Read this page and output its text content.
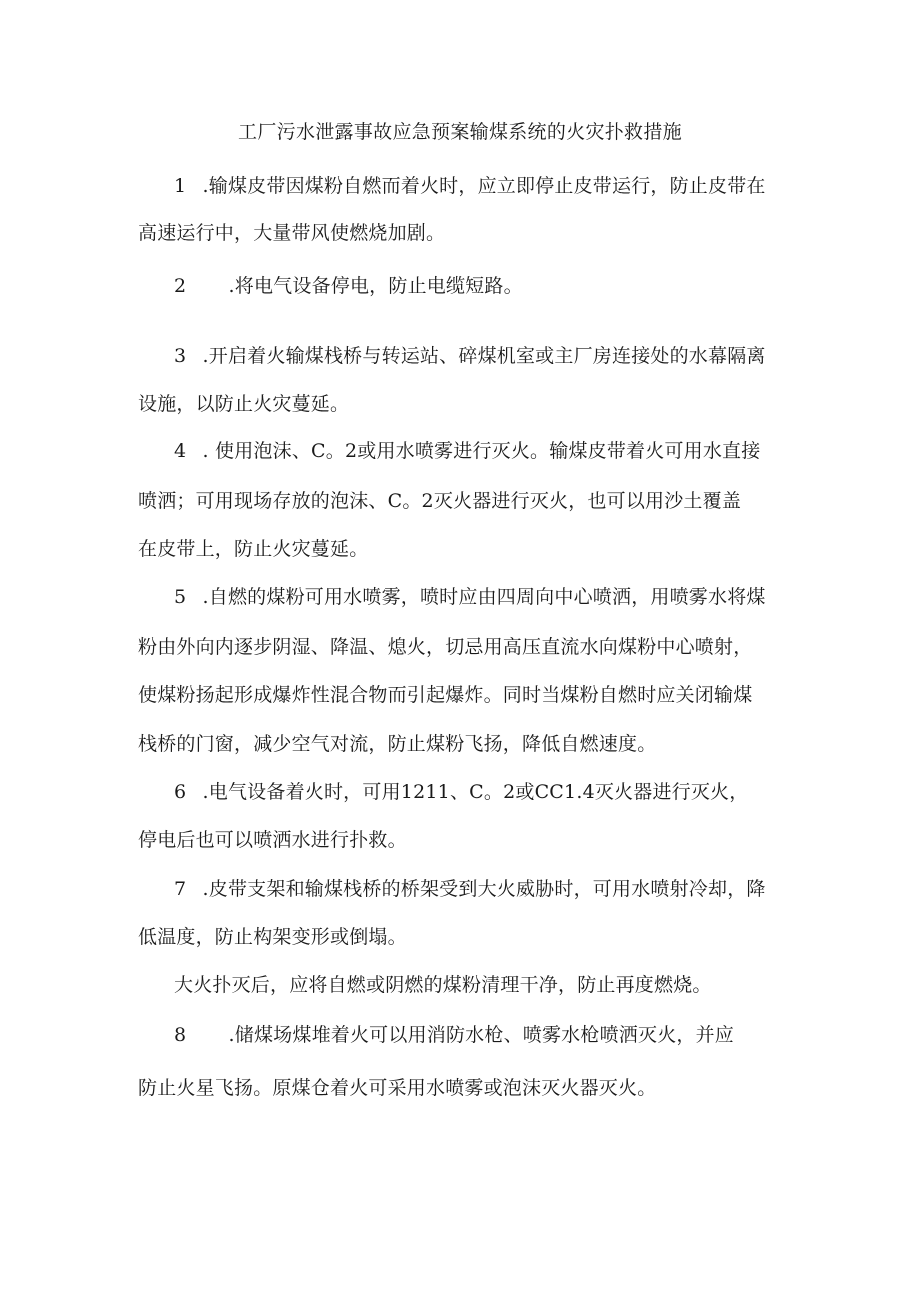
工厂污水泄露事故应急预案输煤系统的火灾扑救措施
1 .输煤皮带因煤粉自燃而着火时，应立即停止皮带运行，防止皮带在
高速运行中，大量带风使燃烧加剧。
2 .将电气设备停电，防止电缆短路。
3 .开启着火输煤栈桥与转运站、碎煤机室或主厂房连接处的水幕隔离
设施，以防止火灾蔓延。
4 . 使用泡沫、C。2或用水喷雾进行灭火。输煤皮带着火可用水直接
喷洒；可用现场存放的泡沫、C。2灭火器进行灭火，也可以用沙土覆盖
在皮带上，防止火灾蔓延。
5 .自燃的煤粉可用水喷雾，喷时应由四周向中心喷洒，用喷雾水将煤
粉由外向内逐步阴湿、降温、熄火，切忌用高压直流水向煤粉中心喷射，
使煤粉扬起形成爆炸性混合物而引起爆炸。同时当煤粉自燃时应关闭输煤
栈桥的门窗，减少空气对流，防止煤粉飞扬，降低自燃速度。
6 .电气设备着火时，可用1211、C。2或CC1.4灭火器进行灭火，
停电后也可以喷洒水进行扑救。
7 .皮带支架和输煤栈桥的桥架受到大火威胁时，可用水喷射冷却，降
低温度，防止构架变形或倒塌。
大火扑灭后，应将自燃或阴燃的煤粉清理干净，防止再度燃烧。
8 .储煤场煤堆着火可以用消防水枪、喷雾水枪喷洒灭火，并应
防止火星飞扬。原煤仓着火可采用水喷雾或泡沫灭火器灭火。
